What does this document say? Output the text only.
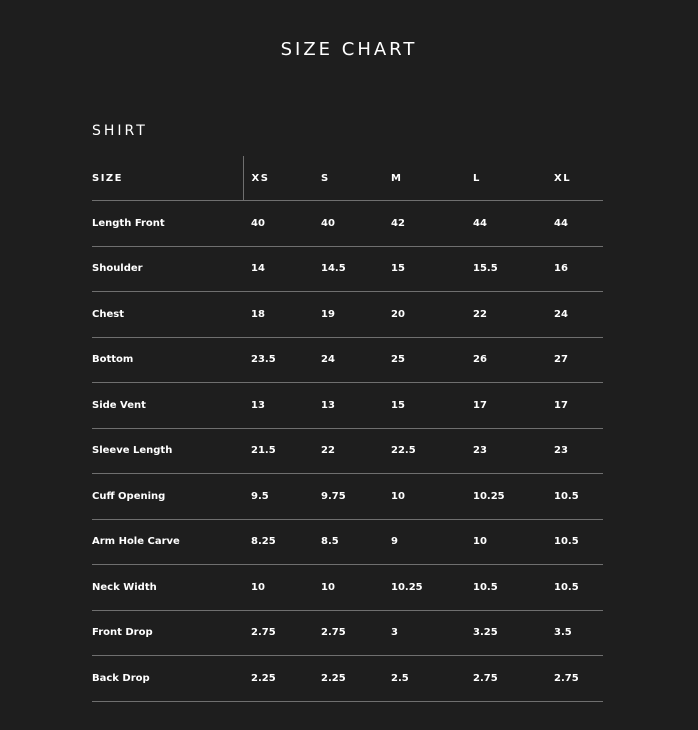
SIZE CHART
SHIRT
SIZE	XS	S	M	L	XL
Length Front	40	40	42	44	44
Shoulder	14	14.5	15	15.5	16
Chest	18	19	20	22	24
Bottom	23.5	24	25	26	27
Side Vent	13	13	15	17	17
Sleeve Length	21.5	22	22.5	23	23
Cuff Opening	9.5	9.75	10	10.25	10.5
Arm Hole Carve	8.25	8.5	9	10	10.5
Neck Width	10	10	10.25	10.5	10.5
Front Drop	2.75	2.75	3	3.25	3.5
Back Drop	2.25	2.25	2.5	2.75	2.75
